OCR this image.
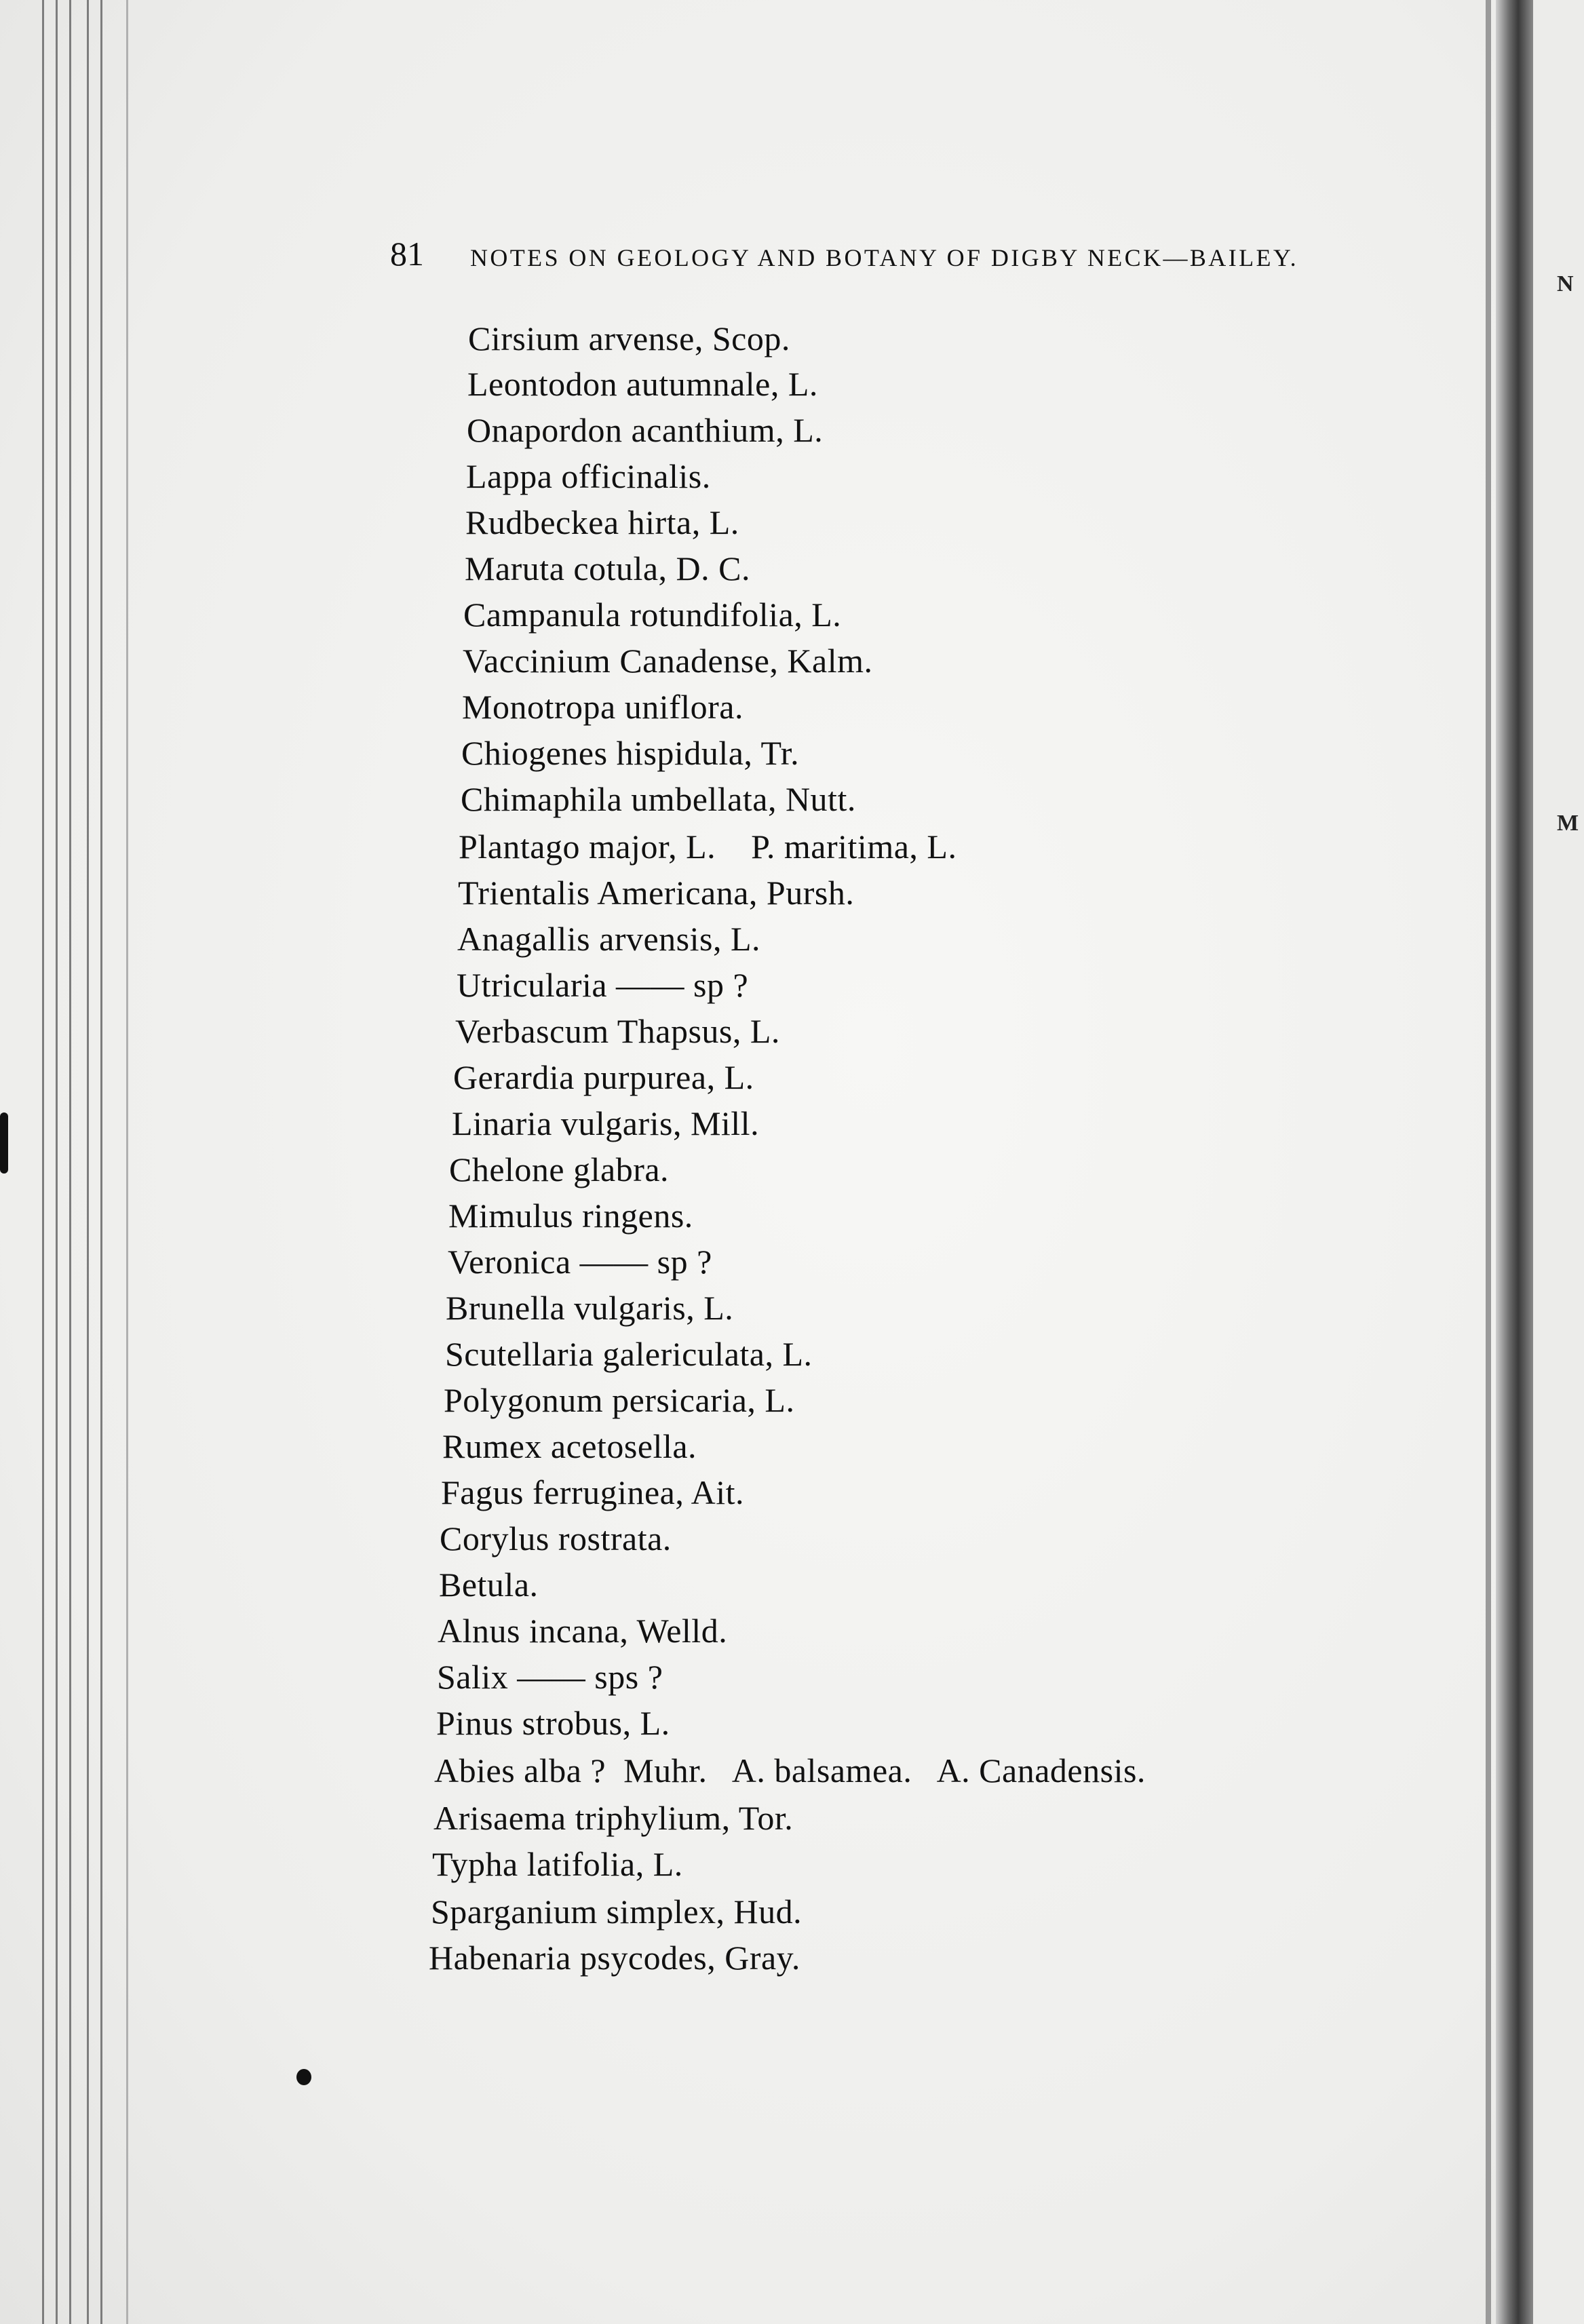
N
M
81 NOTES ON GEOLOGY AND BOTANY OF DIGBY NECK—BAILEY.
Cirsium arvense, Scop.
Leontodon autumnale, L.
Onapordon acanthium, L.
Lappa officinalis.
Rudbeckea hirta, L.
Maruta cotula, D. C.
Campanula rotundifolia, L.
Vaccinium Canadense, Kalm.
Monotropa uniflora.
Chiogenes hispidula, Tr.
Chimaphila umbellata, Nutt.
Plantago major, L.    P. maritima, L.
Trientalis Americana, Pursh.
Anagallis arvensis, L.
Utricularia —— sp ?
Verbascum Thapsus, L.
Gerardia purpurea, L.
Linaria vulgaris, Mill.
Chelone glabra.
Mimulus ringens.
Veronica —— sp ?
Brunella vulgaris, L.
Scutellaria galericulata, L.
Polygonum persicaria, L.
Rumex acetosella.
Fagus ferruginea, Ait.
Corylus rostrata.
Betula.
Alnus incana, Welld.
Salix —— sps ?
Pinus strobus, L.
Abies alba ?  Muhr.   A. balsamea.   A. Canadensis.
Arisaema triphylium, Tor.
Typha latifolia, L.
Sparganium simplex, Hud.
Habenaria psycodes, Gray.
